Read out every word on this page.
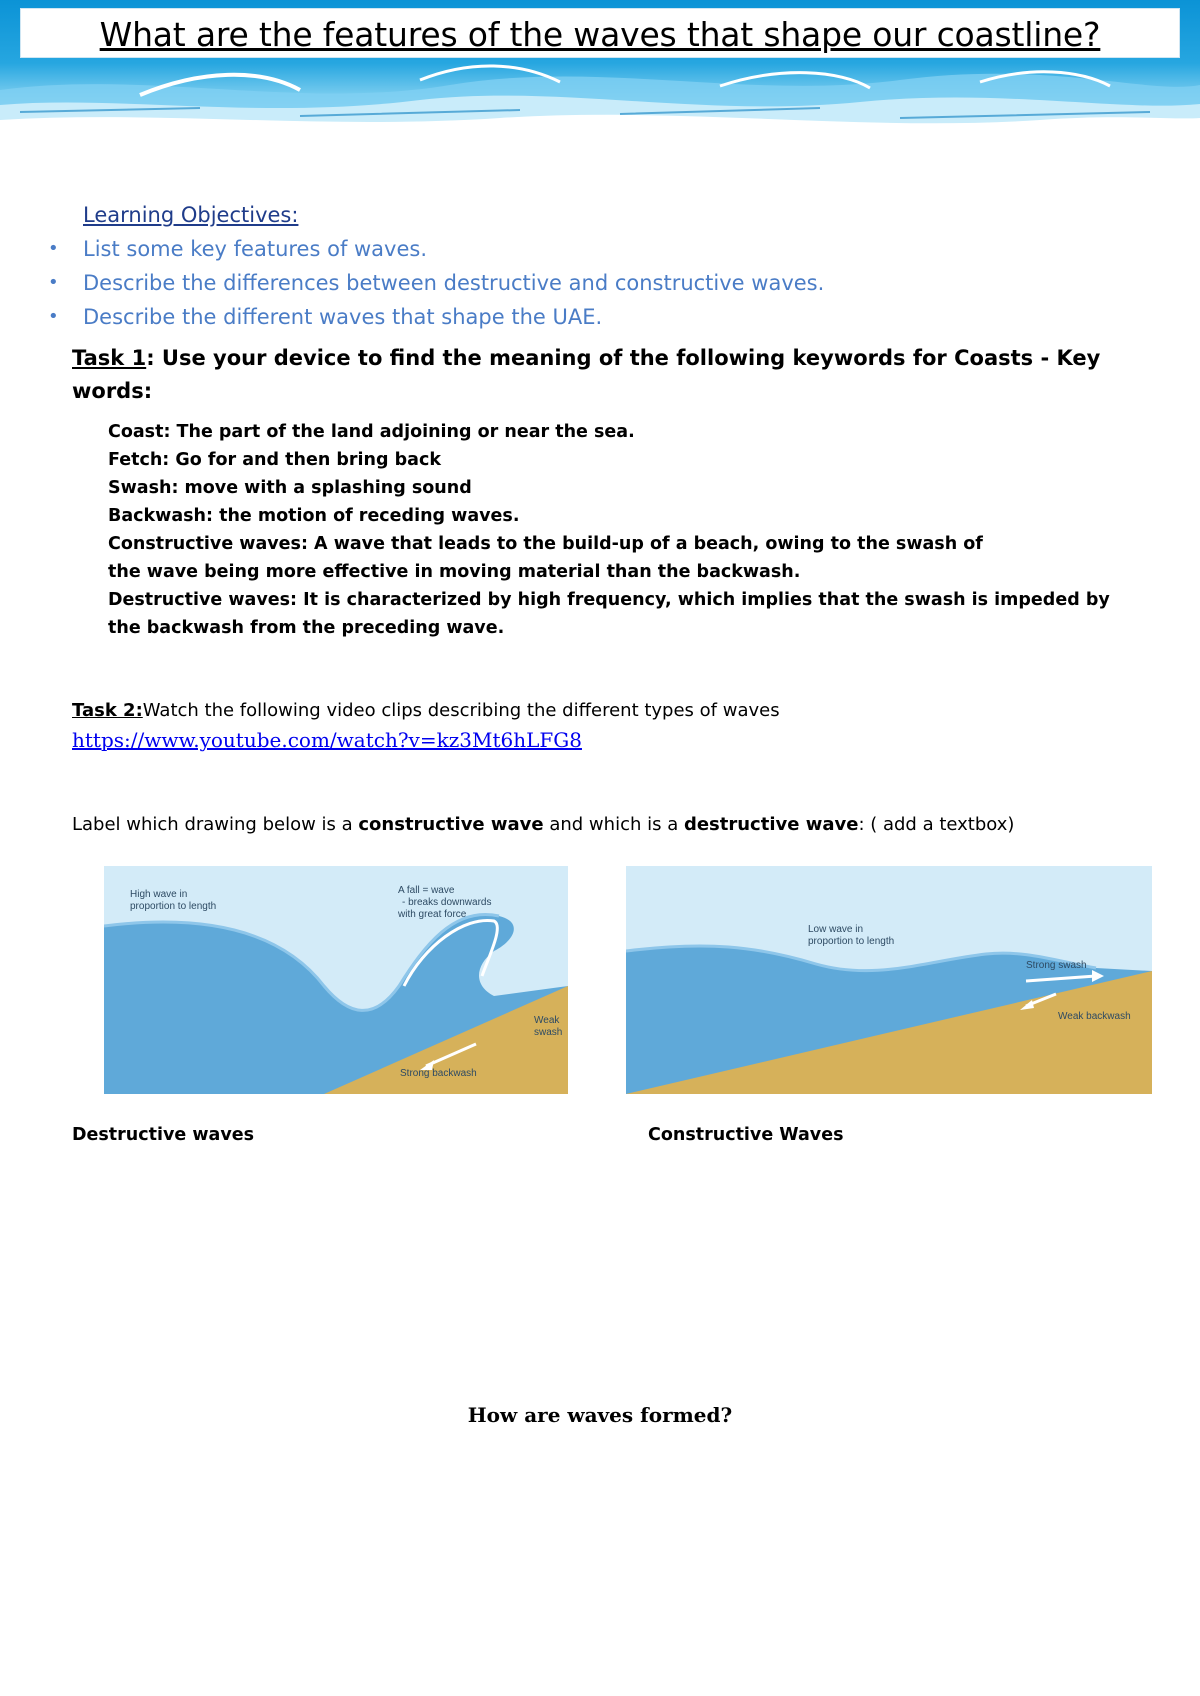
What are the features of the waves that shape our coastline?
Learning Objectives:
• List some key features of waves.
• Describe the differences between destructive and constructive waves.
• Describe the different waves that shape the UAE.
Task 1: Use your device to find the meaning of the following keywords for Coasts - Key words:
Coast: The part of the land adjoining or near the sea.
Fetch: Go for and then bring back
Swash: move with a splashing sound
Backwash: the motion of receding waves.
Constructive waves: A wave that leads to the build-up of a beach, owing to the swash of
the wave being more effective in moving material than the backwash.
Destructive waves: It is characterized by high frequency, which implies that the swash is impeded by
the backwash from the preceding wave.
Task 2:Watch the following video clips describing the different types of waves
https://www.youtube.com/watch?v=kz3Mt6hLFG8
Label which drawing below is a constructive wave and which is a destructive wave: ( add a textbox)
High wave in
proportion to length
A fall = wave
- breaks downwards
with great force
Weak
swash
Strong backwash
Low wave in
proportion to length
Strong swash
Weak backwash
Destructive waves	Constructive Waves
How are waves formed?
